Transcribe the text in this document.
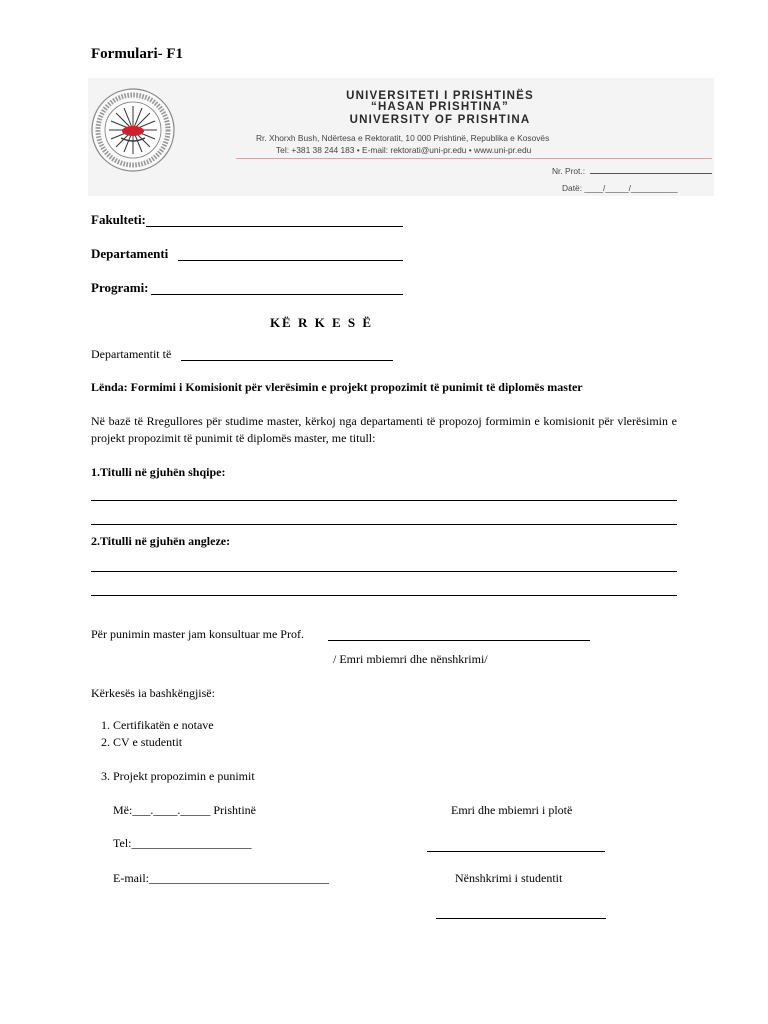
Formulari- F1
UNIVERSITETI I PRISHTINËS
“HASAN PRISHTINA”
UNIVERSITY OF PRISHTINA
Rr. Xhorxh Bush, Ndërtesa e Rektoratit, 10 000 Prishtinë, Republika e Kosovës
Tel: +381 38 244 183 • E-mail: rektorati@uni-pr.edu • www.uni-pr.edu
Nr. Prot.:
Datë: ____/_____/__________
Fakulteti:
Departamenti
Programi:
KË R K E S Ë
Departamentit të
Lënda: Formimi i Komisionit për vlerësimin e projekt propozimit të punimit të diplomës master
Në bazë të Rregullores për studime master, kërkoj nga departamenti të propozoj formimin e komisionit për vlerësimin e projekt propozimit të punimit të diplomës master, me titull:
1.Titulli në gjuhën shqipe:
2.Titulli në gjuhën angleze:
Për punimin master jam konsultuar me Prof.
/ Emri mbiemri dhe nënshkrimi/
Kërkesës ia bashkëngjisë:
1. Certifikatën e notave
2. CV e studentit
3. Projekt propozimin e punimit
Më:___.____._____ Prishtinë
Tel:____________________
E-mail:______________________________
Emri dhe mbiemri i plotë
Nënshkrimi i studentit
